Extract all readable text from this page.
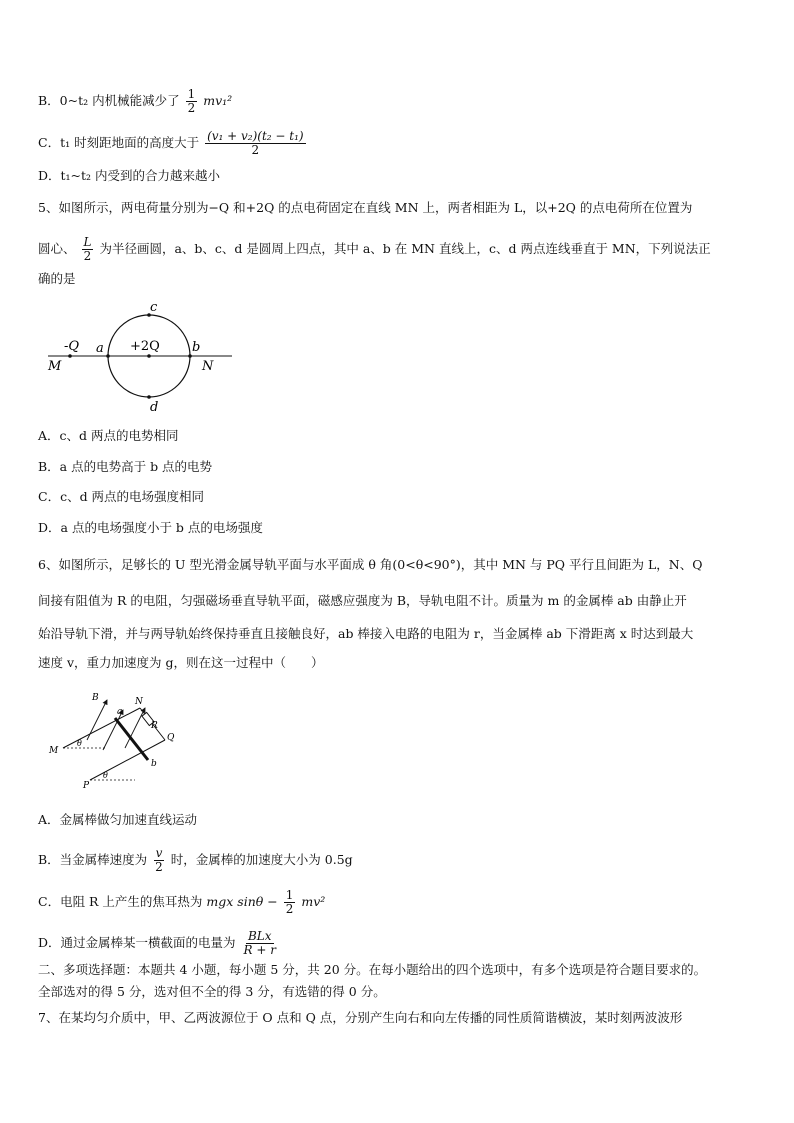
B．0~t₂ 内机械能减少了 $\frac{1}{2} mv_1^2$
C．t₁ 时刻距地面的高度大于 $\frac{\text{(v₁ + v₂)(t₂ − t₁)}}{2}$
D．t₁~t₂ 内受到的合力越来越小
5、如图所示，两电荷量分别为−Q 和+2Q 的点电荷固定在直线 MN 上，两者相距为 L，以+2Q 的点电荷所在位置为
圆心、 $\frac{L}{2}$ 为半径画圆，a、b、c、d 是圆周上四点，其中 a、b 在 MN 直线上，c、d 两点连线垂直于 MN，下列说法正
确的是
-Q	+2Q
a	b
c
d
M	N
A．c、d 两点的电势相同
B．a 点的电势高于 b 点的电势
C．c、d 两点的电场强度相同
D．a 点的电场强度小于 b 点的电场强度
6、如图所示，足够长的 U 型光滑金属导轨平面与水平面成 θ 角(0<θ<90°)，其中 MN 与 PQ 平行且间距为 L，N、Q
间接有阻值为 R 的电阻，匀强磁场垂直导轨平面，磁感应强度为 B，导轨电阻不计。质量为 m 的金属棒 ab 由静止开
始沿导轨下滑，并与两导轨始终保持垂直且接触良好，ab 棒接入电路的电阻为 r，当金属棒 ab 下滑距离 x 时达到最大
速度 v，重力加速度为 g，则在这一过程中（　　）
B	N
a
R
Q
M
θ
b
P
θ
A．金属棒做匀加速直线运动
B．当金属棒速度为 $\frac{v}{2}$ 时，金属棒的加速度大小为 0.5g
C．电阻 R 上产生的焦耳热为 mgx $\sin\theta - \frac{1}{2} mv^2$
D．通过金属棒某一横截面的电量为 $\frac{\text{BLx}}{R + r}$
二、多项选择题：本题共 4 小题，每小题 5 分，共 20 分。在每小题给出的四个选项中，有多个选项是符合题目要求的。
全部选对的得 5 分，选对但不全的得 3 分，有选错的得 0 分。
7、在某均匀介质中，甲、乙两波源位于 O 点和 Q 点，分别产生向右和向左传播的同性质简谐横波，某时刻两波波形
